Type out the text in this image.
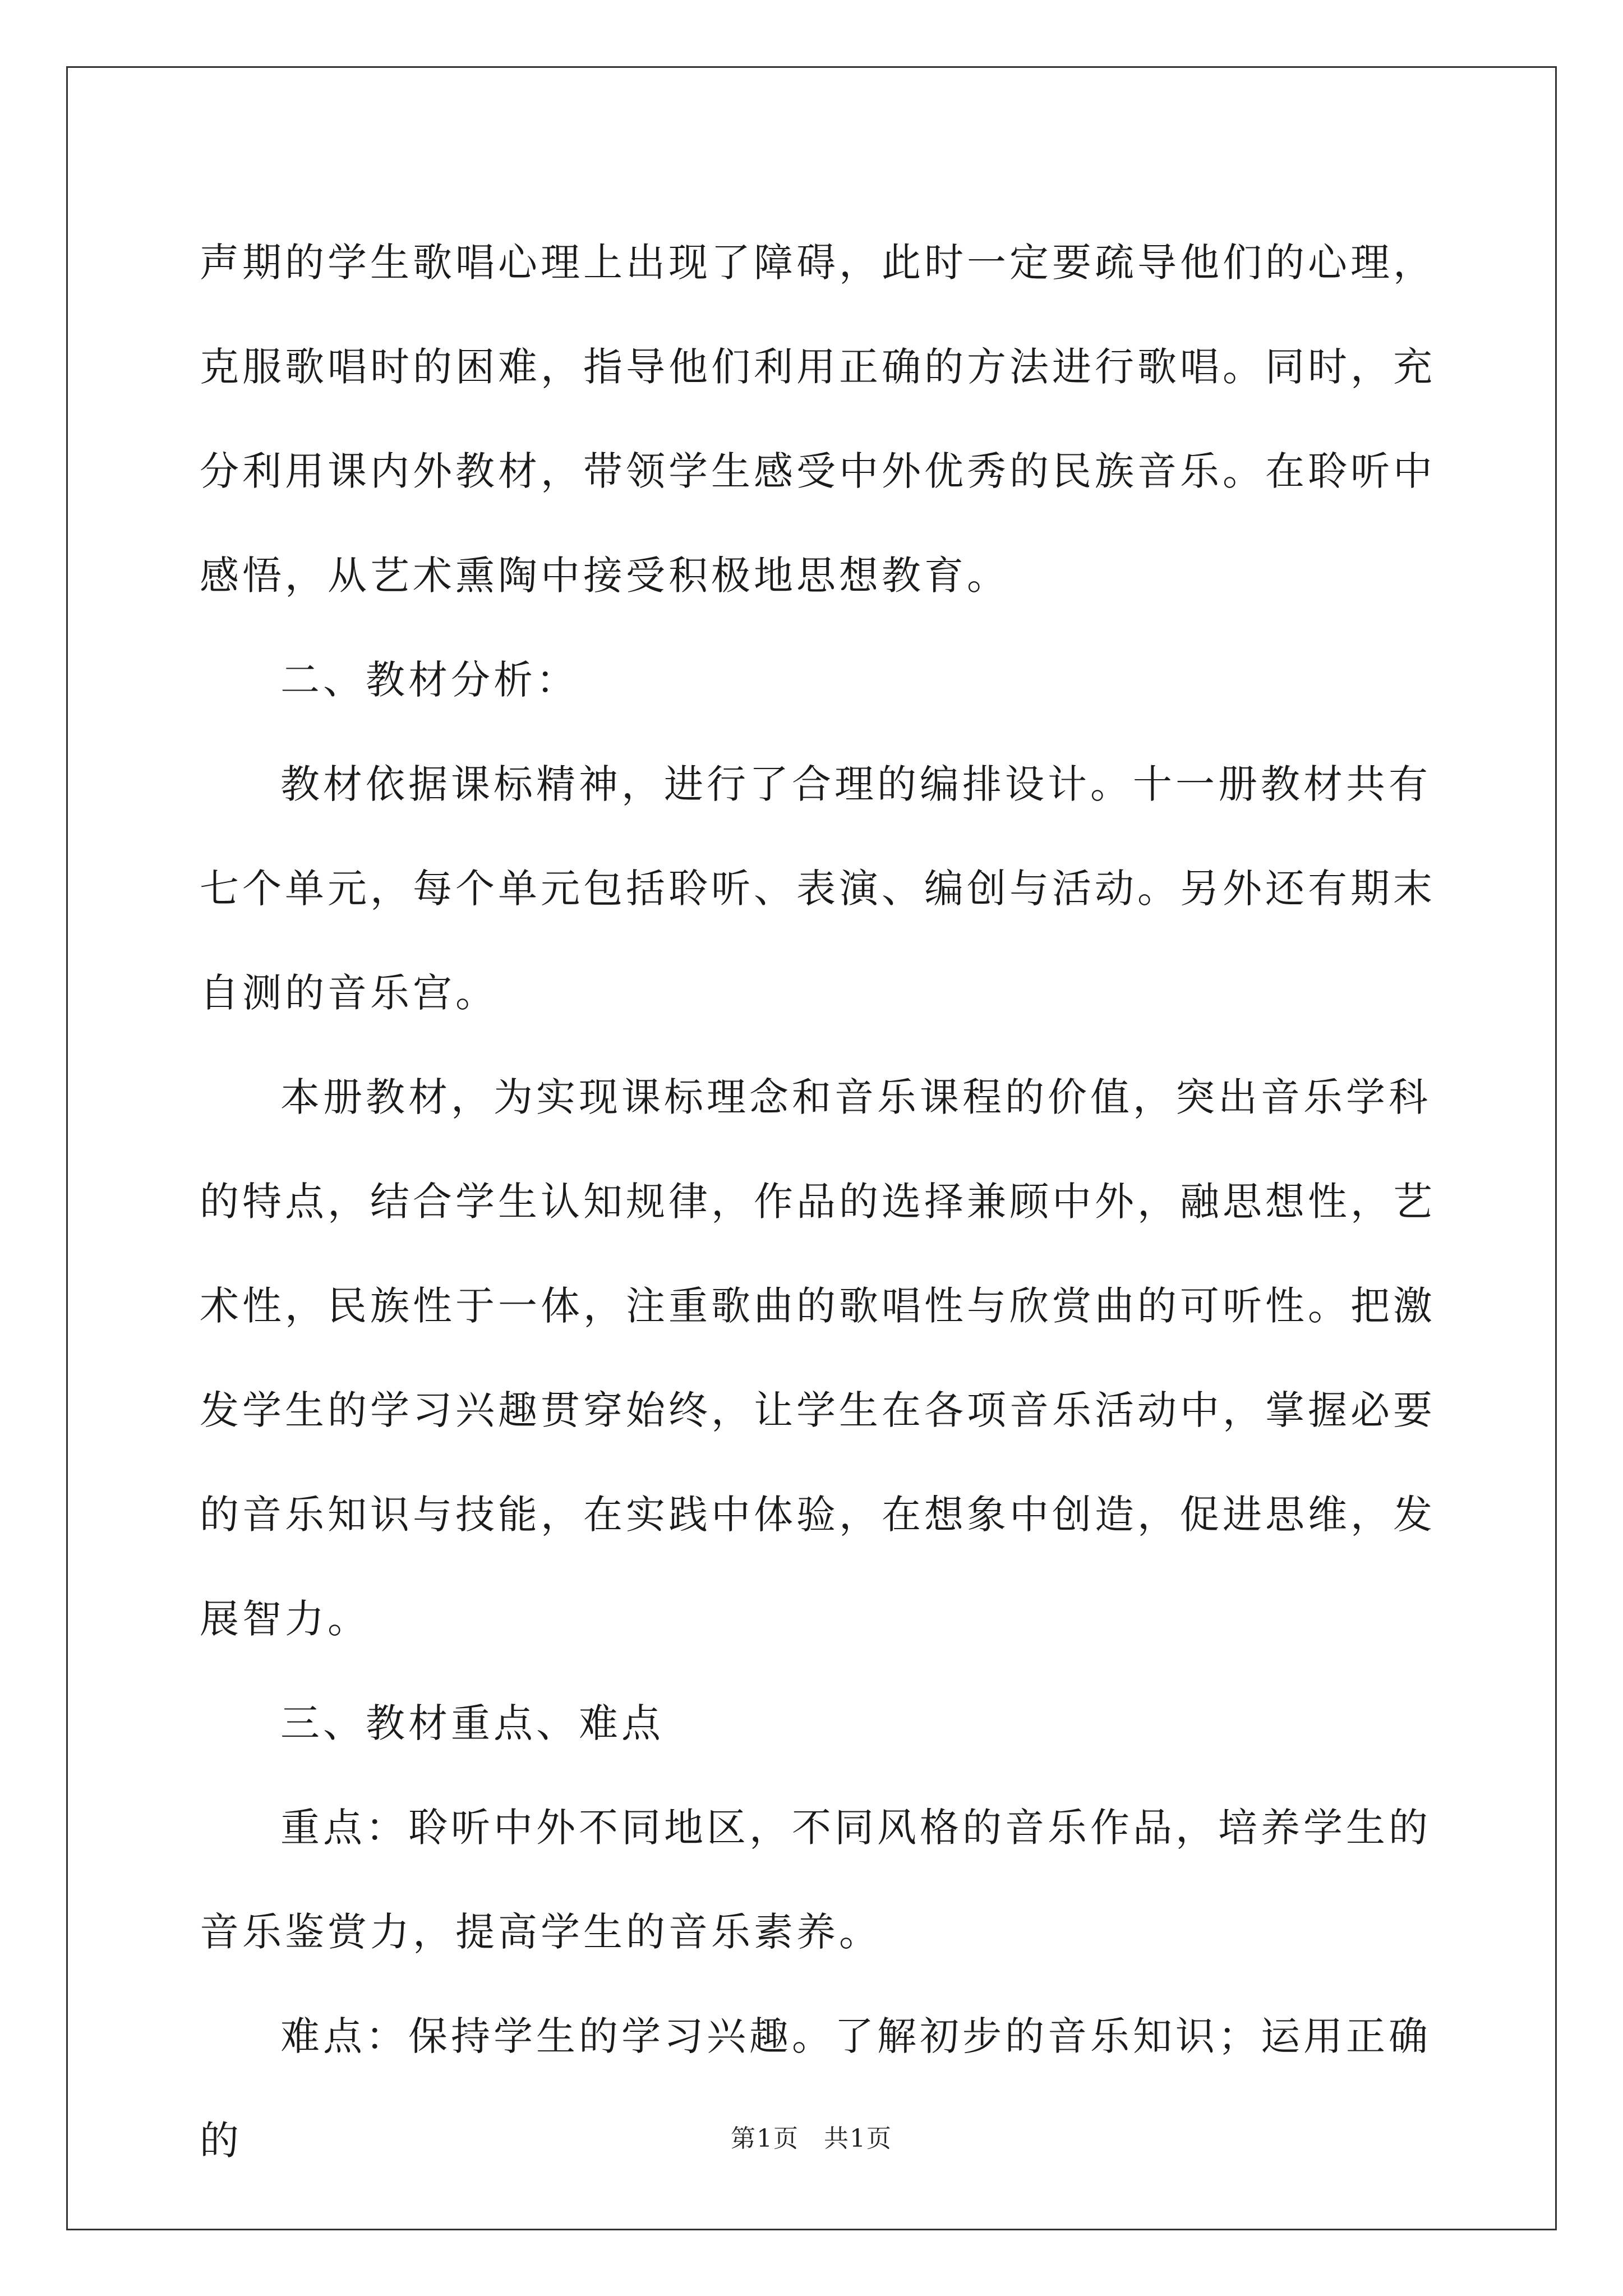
声期的学生歌唱心理上出现了障碍，此时一定要疏导他们的心理，克服歌唱时的困难，指导他们利用正确的方法进行歌唱。同时，充分利用课内外教材，带领学生感受中外优秀的民族音乐。在聆听中感悟，从艺术熏陶中接受积极地思想教育。

二、教材分析：

教材依据课标精神，进行了合理的编排设计。十一册教材共有七个单元，每个单元包括聆听、表演、编创与活动。另外还有期末自测的音乐宫。

本册教材，为实现课标理念和音乐课程的价值，突出音乐学科的特点，结合学生认知规律，作品的选择兼顾中外，融思想性，艺术性，民族性于一体，注重歌曲的歌唱性与欣赏曲的可听性。把激发学生的学习兴趣贯穿始终，让学生在各项音乐活动中，掌握必要的音乐知识与技能，在实践中体验，在想象中创造，促进思维，发展智力。

三、教材重点、难点

重点：聆听中外不同地区，不同风格的音乐作品，培养学生的音乐鉴赏力，提高学生的音乐素养。

难点：保持学生的学习兴趣。了解初步的音乐知识；运用正确的	第1页 共1页
